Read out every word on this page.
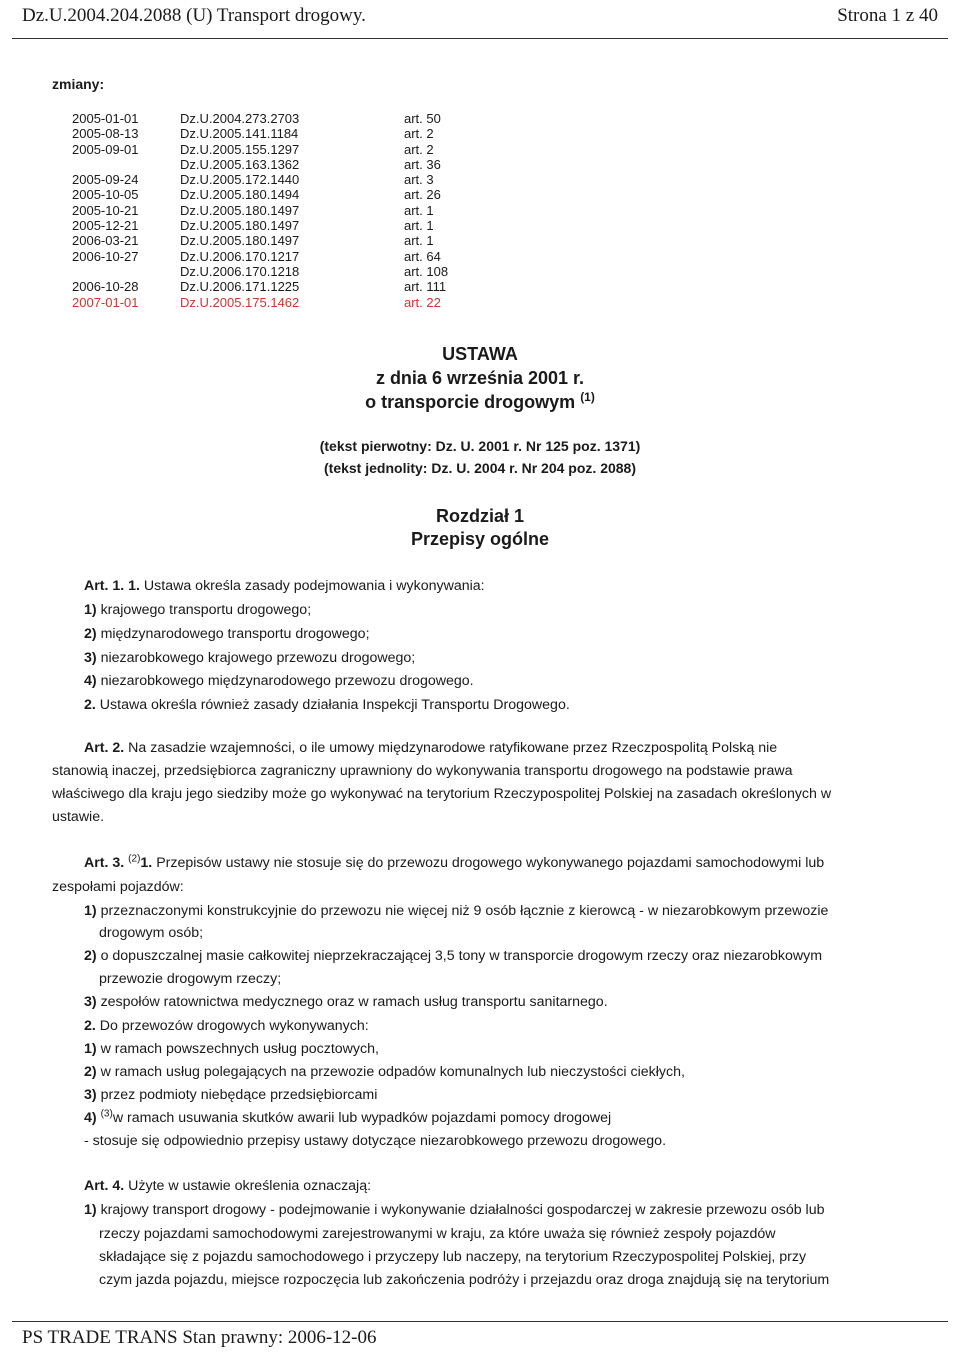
Dz.U.2004.204.2088 (U) Transport drogowy.	Strona 1 z 40
zmiany:
2005-01-01	Dz.U.2004.273.2703	art. 50
2005-08-13	Dz.U.2005.141.1184	art. 2
2005-09-01	Dz.U.2005.155.1297	art. 2
Dz.U.2005.163.1362	art. 36
2005-09-24	Dz.U.2005.172.1440	art. 3
2005-10-05	Dz.U.2005.180.1494	art. 26
2005-10-21	Dz.U.2005.180.1497	art. 1
2005-12-21	Dz.U.2005.180.1497	art. 1
2006-03-21	Dz.U.2005.180.1497	art. 1
2006-10-27	Dz.U.2006.170.1217	art. 64
Dz.U.2006.170.1218	art. 108
2006-10-28	Dz.U.2006.171.1225	art. 111
2007-01-01	Dz.U.2005.175.1462	art. 22
USTAWA
z dnia 6 września 2001 r.
o transporcie drogowym $^{(1)}$
(tekst pierwotny: Dz. U. 2001 r. Nr 125 poz. 1371)
(tekst jednolity: Dz. U. 2004 r. Nr 204 poz. 2088)
Rozdział 1
Przepisy ogólne
Art. 1. 1. Ustawa określa zasady podejmowania i wykonywania:
1) krajowego transportu drogowego;
2) międzynarodowego transportu drogowego;
3) niezarobkowego krajowego przewozu drogowego;
4) niezarobkowego międzynarodowego przewozu drogowego.
2. Ustawa określa również zasady działania Inspekcji Transportu Drogowego.
Art. 2. Na zasadzie wzajemności, o ile umowy międzynarodowe ratyfikowane przez Rzeczpospolitą Polską nie
stanowią inaczej, przedsiębiorca zagraniczny uprawniony do wykonywania transportu drogowego na podstawie prawa
właściwego dla kraju jego siedziby może go wykonywać na terytorium Rzeczypospolitej Polskiej na zasadach określonych w
ustawie.
Art. 3. $^{(2)}$1. Przepisów ustawy nie stosuje się do przewozu drogowego wykonywanego pojazdami samochodowymi lub
zespołami pojazdów:
1) przeznaczonymi konstrukcyjnie do przewozu nie więcej niż 9 osób łącznie z kierowcą - w niezarobkowym przewozie
drogowym osób;
2) o dopuszczalnej masie całkowitej nieprzekraczającej 3,5 tony w transporcie drogowym rzeczy oraz niezarobkowym
przewozie drogowym rzeczy;
3) zespołów ratownictwa medycznego oraz w ramach usług transportu sanitarnego.
2. Do przewozów drogowych wykonywanych:
1) w ramach powszechnych usług pocztowych,
2) w ramach usług polegających na przewozie odpadów komunalnych lub nieczystości ciekłych,
3) przez podmioty niebędące przedsiębiorcami
4) $^{(3)}$w ramach usuwania skutków awarii lub wypadków pojazdami pomocy drogowej
- stosuje się odpowiednio przepisy ustawy dotyczące niezarobkowego przewozu drogowego.
Art. 4. Użyte w ustawie określenia oznaczają:
1) krajowy transport drogowy - podejmowanie i wykonywanie działalności gospodarczej w zakresie przewozu osób lub
rzeczy pojazdami samochodowymi zarejestrowanymi w kraju, za które uważa się również zespoły pojazdów
składające się z pojazdu samochodowego i przyczepy lub naczepy, na terytorium Rzeczypospolitej Polskiej, przy
czym jazda pojazdu, miejsce rozpoczęcia lub zakończenia podróży i przejazdu oraz droga znajdują się na terytorium
PS TRADE TRANS Stan prawny: 2006-12-06
